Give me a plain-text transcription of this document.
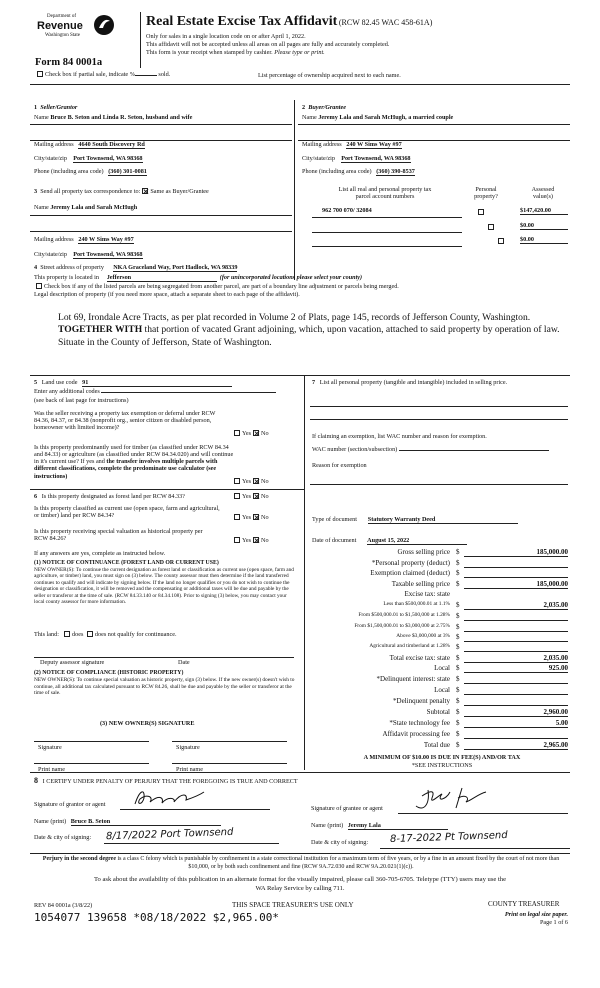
Department of
Revenue
Washington State
Form 84 0001a
Real Estate Excise Tax Affidavit (RCW 82.45 WAC 458-61A)
Only for sales in a single location code on or after April 1, 2022.
This affidavit will not be accepted unless all areas on all pages are fully and accurately completed.
This form is your receipt when stamped by cashier. Please type or print.
Check box if partial sale, indicate %	sold.	List percentage of ownership acquired next to each name.
1 Seller/Grantor
Name Bruce B. Seton and Linda R. Seton, husband and wife
Mailing address 4640 South Discovery Rd
City/state/zip Port Townsend, WA 98368
Phone (including area code) (360) 301-0081
2 Buyer/Grantee
Name Jeremy Lala and Sarah McHugh, a married couple
Mailing address 240 W Sims Way #97
City/state/zip Port Townsend, WA 98368
Phone (including area code) (360) 390-8537
3 Send all property tax correspondence to: Same as Buyer/Grantee
Name Jeremy Lala and Sarah McHugh
Mailing address 240 W Sims Way #97
City/state/zip Port Townsend, WA 98368
List all real and personal property tax
parcel account numbers
Personal
property?
Assessed
value(s)
962 700 070/ 32084	$147,420.00
$0.00
$0.00
4 Street address of property NKA Graceland Way, Port Hadlock, WA 98339
This property is located in Jefferson	(for unincorporated locations please select your county)
Check box if any of the listed parcels are being segregated from another parcel, are part of a boundary line adjustment or parcels being merged.
Legal description of property (if you need more space, attach a separate sheet to each page of the affidavit).
Lot 69, Irondale Acre Tracts, as per plat recorded in Volume 2 of Plats, page 145, records of Jefferson County, Washington.
TOGETHER WITH that portion of vacated Grant adjoining, which, upon vacation, attached to said property by operation of law.
Situate in the County of Jefferson, State of Washington.
5 Land use code 91
Enter any additional codes
(see back of last page for instructions)
Was the seller receiving a property tax exemption or deferral under RCW 84.36, 84.37, or 84.38 (nonprofit org., senior citizen or disabled person, homeowner with limited income)?
Yes No
Is this property predominantly used for timber (as classified under RCW 84.34 and 84.33) or agriculture (as classified under RCW 84.34.020) and will continue in it's current use? If yes and the transfer involves multiple parcels with different classifications, complete the predominate use calculator (see instructions)
Yes No
6 Is this property designated as forest land per RCW 84.33?	Yes No
Is this property classified as current use (open space, farm and agricultural, or timber) land per RCW 84.34?	Yes No
Is this property receiving special valuation as historical property per RCW 84.26?	Yes No
If any answers are yes, complete as instructed below.
(1) NOTICE OF CONTINUANCE (FOREST LAND OR CURRENT USE)
NEW OWNER(S): To continue the current designation as forest land or classification as current use (open space, farm and agriculture, or timber) land, you must sign on (3) below. The county assessor must then determine if the land transferred continues to qualify and will indicate by signing below. If the land no longer qualifies or you do not wish to continue the designation or classification, it will be removed and the compensating or additional taxes will be due and payable by the seller or transferor at the time of sale. (RCW 84.33.140 or 84.34.108). Prior to signing (3) below, you may contact your local county assessor for more information.
This land: does does not qualify for continuance.
Deputy assessor signature	Date
(2) NOTICE OF COMPLIANCE (HISTORIC PROPERTY)
NEW OWNER(S): To continue special valuation as historic property, sign (3) below. If the new owner(s) doesn't wish to continue, all additional tax calculated pursuant to RCW 84.26, shall be due and payable by the seller or transferor at the time of sale.
(3) NEW OWNER(S) SIGNATURE
Signature	Signature
Print name	Print name
7 List all personal property (tangible and intangible) included in selling price.
If claiming an exemption, list WAC number and reason for exemption.
WAC number (section/subsection)
Reason for exemption
Type of document Statutory Warranty Deed
Date of document August 15, 2022
Gross selling price $	185,000.00
*Personal property (deduct) $

Exemption claimed (deduct) $

Taxable selling price $	185,000.00
Excise tax: state
Less than $500,000.01 at 1.1% $	2,035.00
From $500,000.01 to $1,500,000 at 1.28% $

From $1,500,000.01 to $3,000,000 at 2.75% $

Above $3,000,000 at 3% $

Agricultural and timberland at 1.28% $

Total excise tax: state $	2,035.00
Local $	925.00
*Delinquent interest: state $

Local $

*Delinquent penalty $

Subtotal $	2,960.00
*State technology fee $	5.00
Affidavit processing fee $

Total due $	2,965.00
A MINIMUM OF $10.00 IS DUE IN FEE(S) AND/OR TAX
*SEE INSTRUCTIONS
8 I CERTIFY UNDER PENALTY OF PERJURY THAT THE FOREGOING IS TRUE AND CORRECT
Signature of grantor or agent
Name (print) Bruce B. Seton
Date & city of signing: 8/17/2022 Port Townsend
Signature of grantee or agent
Name (print) Jeremy Lala
Date & city of signing: 8-17-2022 Pt Townsend
Perjury in the second degree is a class C felony which is punishable by confinement in a state correctional institution for a maximum term of five years, or by a fine in an amount fixed by the court of not more than $10,000, or by both such confinement and fine (RCW 9A.72.030 and RCW 9A.20.021(1)(c)).
To ask about the availability of this publication in an alternate format for the visually impaired, please call 360-705-6705. Teletype (TTY) users may use the WA Relay Service by calling 711.
REV 84 0001a (3/8/22)	THIS SPACE TREASURER'S USE ONLY	COUNTY TREASURER
Print on legal size paper.
Page 1 of 6
1054077 139658 *08/18/2022 $2,965.00*
